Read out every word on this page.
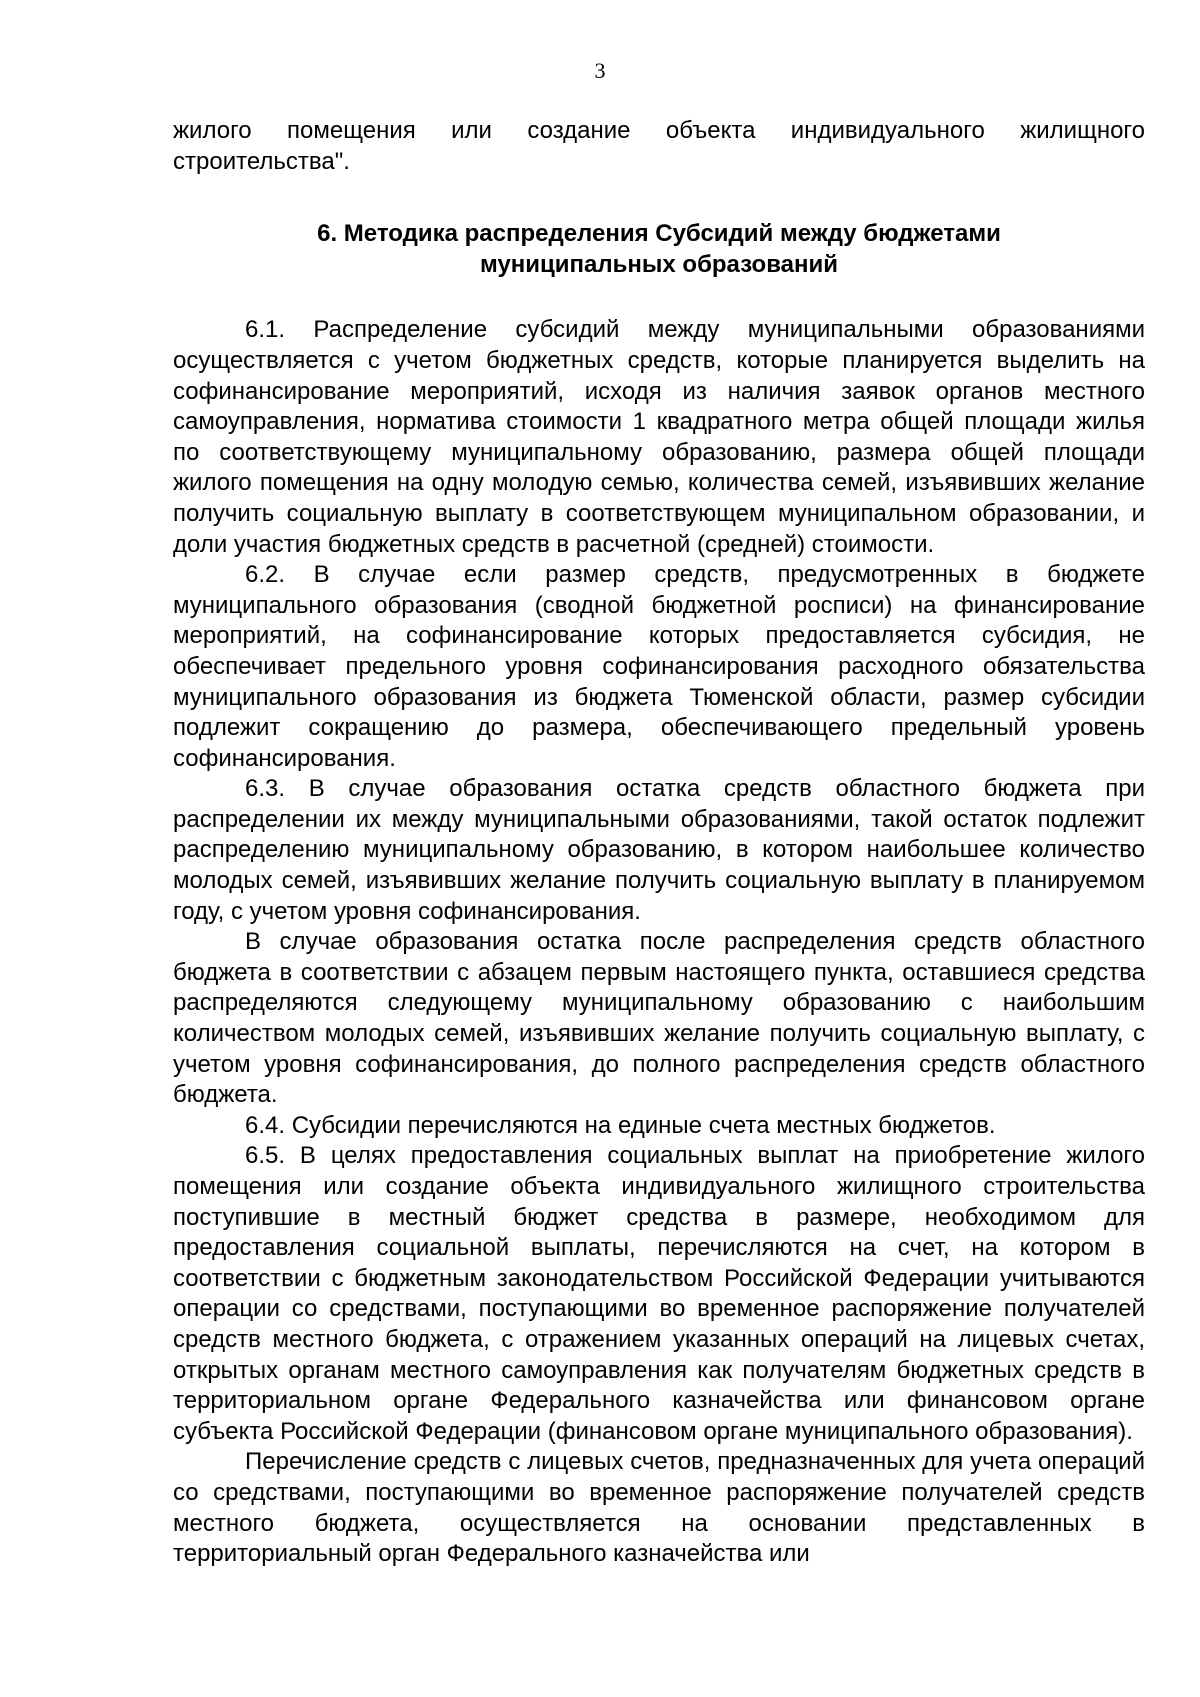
3

жилого помещения или создание объекта индивидуального жилищного строительства".

6. Методика распределения Субсидий между бюджетами
муниципальных образований

6.1. Распределение субсидий между муниципальными образованиями осуществляется с учетом бюджетных средств, которые планируется выделить на софинансирование мероприятий, исходя из наличия заявок органов местного самоуправления, норматива стоимости 1 квадратного метра общей площади жилья по соответствующему муниципальному образованию, размера общей площади жилого помещения на одну молодую семью, количества семей, изъявивших желание получить социальную выплату в соответствующем муниципальном образовании, и доли участия бюджетных средств в расчетной (средней) стоимости.

6.2. В случае если размер средств, предусмотренных в бюджете муниципального образования (сводной бюджетной росписи) на финансирование мероприятий, на софинансирование которых предоставляется субсидия, не обеспечивает предельного уровня софинансирования расходного обязательства муниципального образования из бюджета Тюменской области, размер субсидии подлежит сокращению до размера, обеспечивающего предельный уровень софинансирования.

6.3. В случае образования остатка средств областного бюджета при распределении их между муниципальными образованиями, такой остаток подлежит распределению муниципальному образованию, в котором наибольшее количество молодых семей, изъявивших желание получить социальную выплату в планируемом году, с учетом уровня софинансирования.

В случае образования остатка после распределения средств областного бюджета в соответствии с абзацем первым настоящего пункта, оставшиеся средства распределяются следующему муниципальному образованию с наибольшим количеством молодых семей, изъявивших желание получить социальную выплату, с учетом уровня софинансирования, до полного распределения средств областного бюджета.

6.4. Субсидии перечисляются на единые счета местных бюджетов.

6.5. В целях предоставления социальных выплат на приобретение жилого помещения или создание объекта индивидуального жилищного строительства поступившие в местный бюджет средства в размере, необходимом для предоставления социальной выплаты, перечисляются на счет, на котором в соответствии с бюджетным законодательством Российской Федерации учитываются операции со средствами, поступающими во временное распоряжение получателей средств местного бюджета, с отражением указанных операций на лицевых счетах, открытых органам местного самоуправления как получателям бюджетных средств в территориальном органе Федерального казначейства или финансовом органе субъекта Российской Федерации (финансовом органе муниципального образования).

Перечисление средств с лицевых счетов, предназначенных для учета операций со средствами, поступающими во временное распоряжение получателей средств местного бюджета, осуществляется на основании представленных в территориальный орган Федерального казначейства или
